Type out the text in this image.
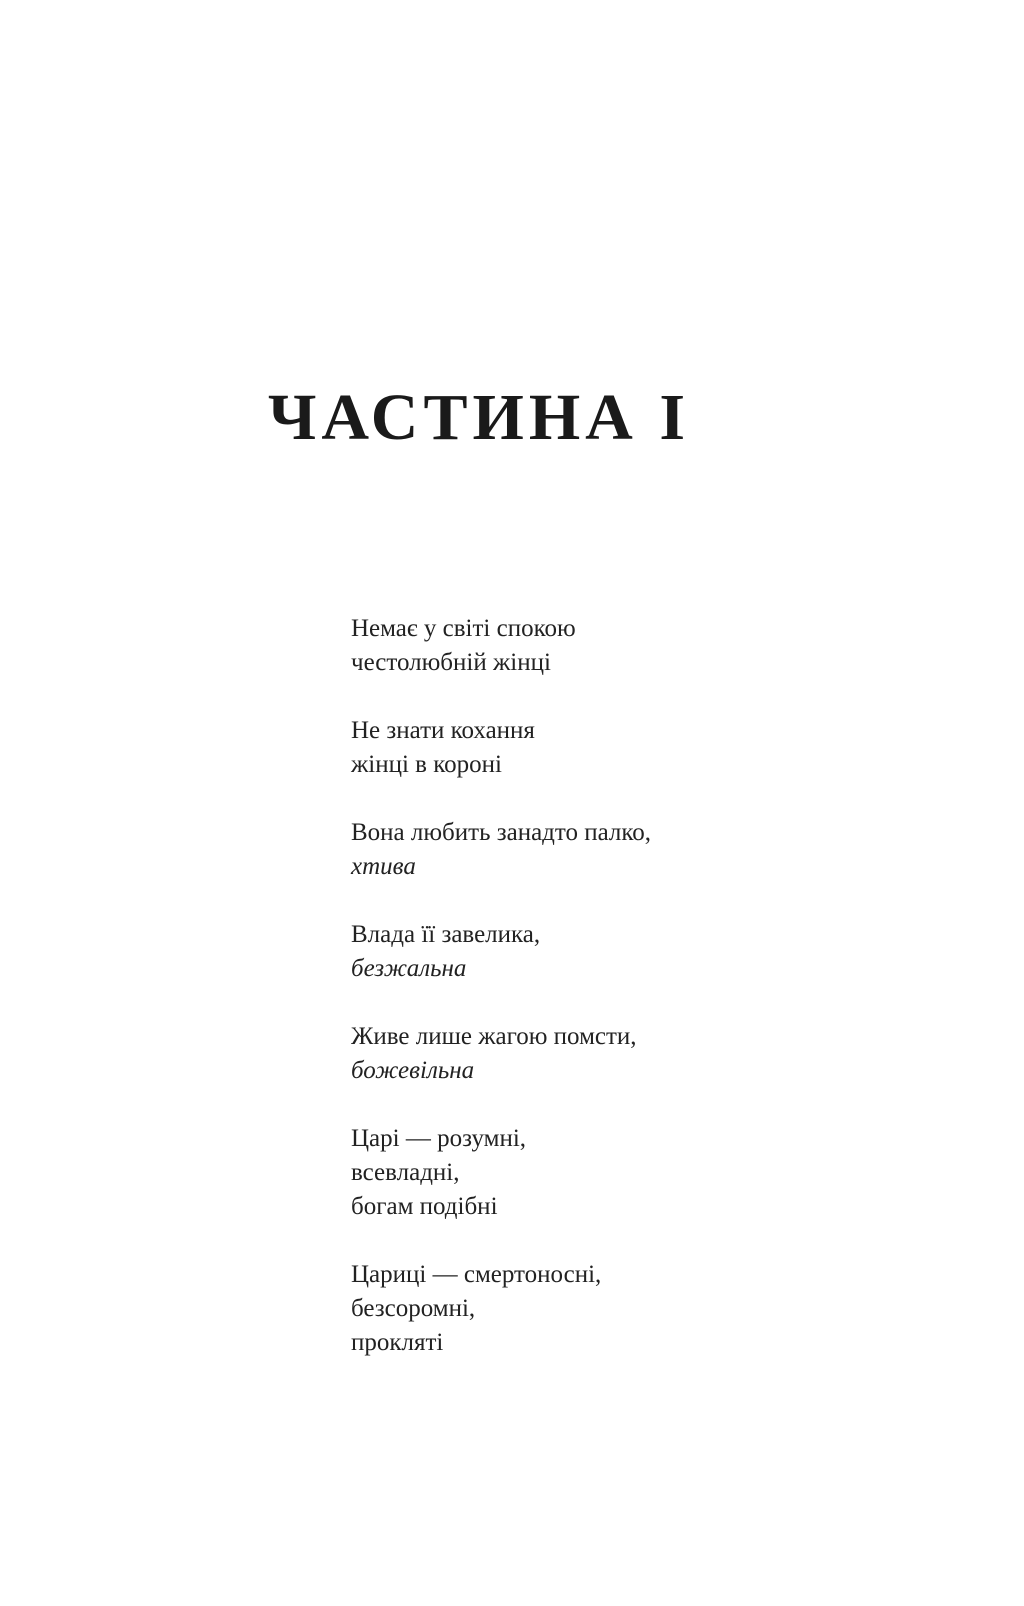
ЧАСТИНА I
Немає у світі спокою
честолюбній жінці
Не знати кохання
жінці в короні
Вона любить занадто палко,
хтива
Влада її завелика,
безжальна
Живе лише жагою помсти,
божевільна
Царі — розумні,
всевладні,
богам подібні
Цариці — смертоносні,
безсоромні,
прокляті
